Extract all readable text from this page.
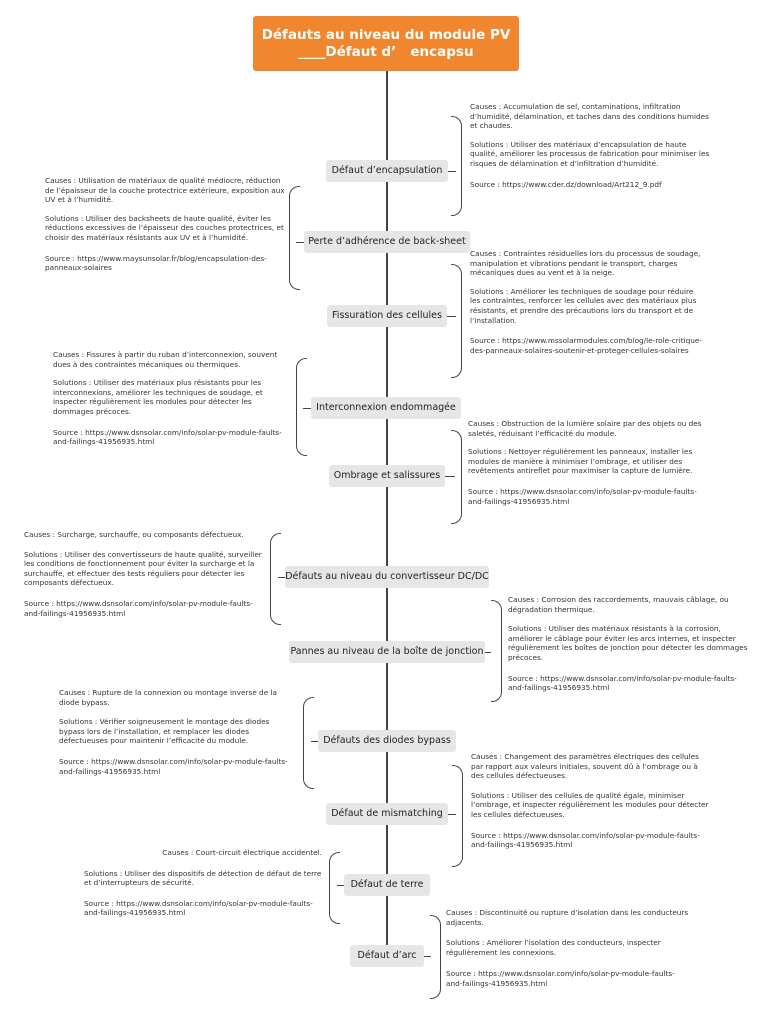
Défauts au niveau du module PV
____Défaut d’   encapsu
Défaut d’encapsulation

Causes : Accumulation de sel, contaminations, infiltration d’humidité, délamination, et taches dans des conditions humides et chaudes.

Solutions : Utiliser des matériaux d’encapsulation de haute qualité, améliorer les processus de fabrication pour minimiser les risques de délamination et d’infiltration d’humidité.

Source : https://www.cder.dz/download/Art212_9.pdf

Perte d’adhérence de back-sheet

Causes : Utilisation de matériaux de qualité médiocre, réduction de l’épaisseur de la couche protectrice extérieure, exposition aux UV et à l’humidité.

Solutions : Utiliser des backsheets de haute qualité, éviter les réductions excessives de l’épaisseur des couches protectrices, et choisir des matériaux résistants aux UV et à l’humidité.

Source : https://www.maysunsolar.fr/blog/encapsulation-des-panneaux-solaires

Fissuration des cellules

Causes : Contraintes résiduelles lors du processus de soudage, manipulation et vibrations pendant le transport, charges mécaniques dues au vent et à la neige.

Solutions : Améliorer les techniques de soudage pour réduire les contraintes, renforcer les cellules avec des matériaux plus résistants, et prendre des précautions lors du transport et de l’installation.

Source : https://www.mssolarmodules.com/blog/le-role-critique-des-panneaux-solaires-soutenir-et-proteger-cellules-solaires

Interconnexion endommagée

Causes : Fissures à partir du ruban d’interconnexion, souvent dues à des contraintes mécaniques ou thermiques.

Solutions : Utiliser des matériaux plus résistants pour les interconnexions, améliorer les techniques de soudage, et inspecter régulièrement les modules pour détecter les dommages précoces.

Source : https://www.dsnsolar.com/info/solar-pv-module-faults-and-failings-41956935.html

Ombrage et salissures

Causes : Obstruction de la lumière solaire par des objets ou des saletés, réduisant l’efficacité du module.

Solutions : Nettoyer régulièrement les panneaux, installer les modules de manière à minimiser l’ombrage, et utiliser des revêtements antireflet pour maximiser la capture de lumière.

Source : https://www.dsnsolar.com/info/solar-pv-module-faults-and-failings-41956935.html

Défauts au niveau du convertisseur DC/DC

Causes : Surcharge, surchauffe, ou composants défectueux.

Solutions : Utiliser des convertisseurs de haute qualité, surveiller les conditions de fonctionnement pour éviter la surcharge et la surchauffe, et effectuer des tests réguliers pour détecter les composants défectueux.

Source : https://www.dsnsolar.com/info/solar-pv-module-faults-and-failings-41956935.html

Pannes au niveau de la boîte de jonction

Causes : Corrosion des raccordements, mauvais câblage, ou dégradation thermique.

Solutions : Utiliser des matériaux résistants à la corrosion, améliorer le câblage pour éviter les arcs internes, et inspecter régulièrement les boîtes de jonction pour détecter les dommages précoces.

Source : https://www.dsnsolar.com/info/solar-pv-module-faults-and-failings-41956935.html

Défauts des diodes bypass

Causes : Rupture de la connexion ou montage inverse de la diode bypass.

Solutions : Vérifier soigneusement le montage des diodes bypass lors de l’installation, et remplacer les diodes défectueuses pour maintenir l’efficacité du module.

Source : https://www.dsnsolar.com/info/solar-pv-module-faults-and-failings-41956935.html

Défaut de mismatching

Causes : Changement des paramètres électriques des cellules par rapport aux valeurs initiales, souvent dû à l’ombrage ou à des cellules défectueuses.

Solutions : Utiliser des cellules de qualité égale, minimiser l’ombrage, et inspecter régulièrement les modules pour détecter les cellules défectueuses.

Source : https://www.dsnsolar.com/info/solar-pv-module-faults-and-failings-41956935.html

Défaut de terre

Causes : Court-circuit électrique accidentel.

Solutions : Utiliser des dispositifs de détection de défaut de terre et d’interrupteurs de sécurité.

Source : https://www.dsnsolar.com/info/solar-pv-module-faults-and-failings-41956935.html

Défaut d’arc

Causes : Discontinuité ou rupture d’isolation dans les conducteurs adjacents.

Solutions : Améliorer l’isolation des conducteurs, inspecter régulièrement les connexions.

Source : https://www.dsnsolar.com/info/solar-pv-module-faults-and-failings-41956935.html
